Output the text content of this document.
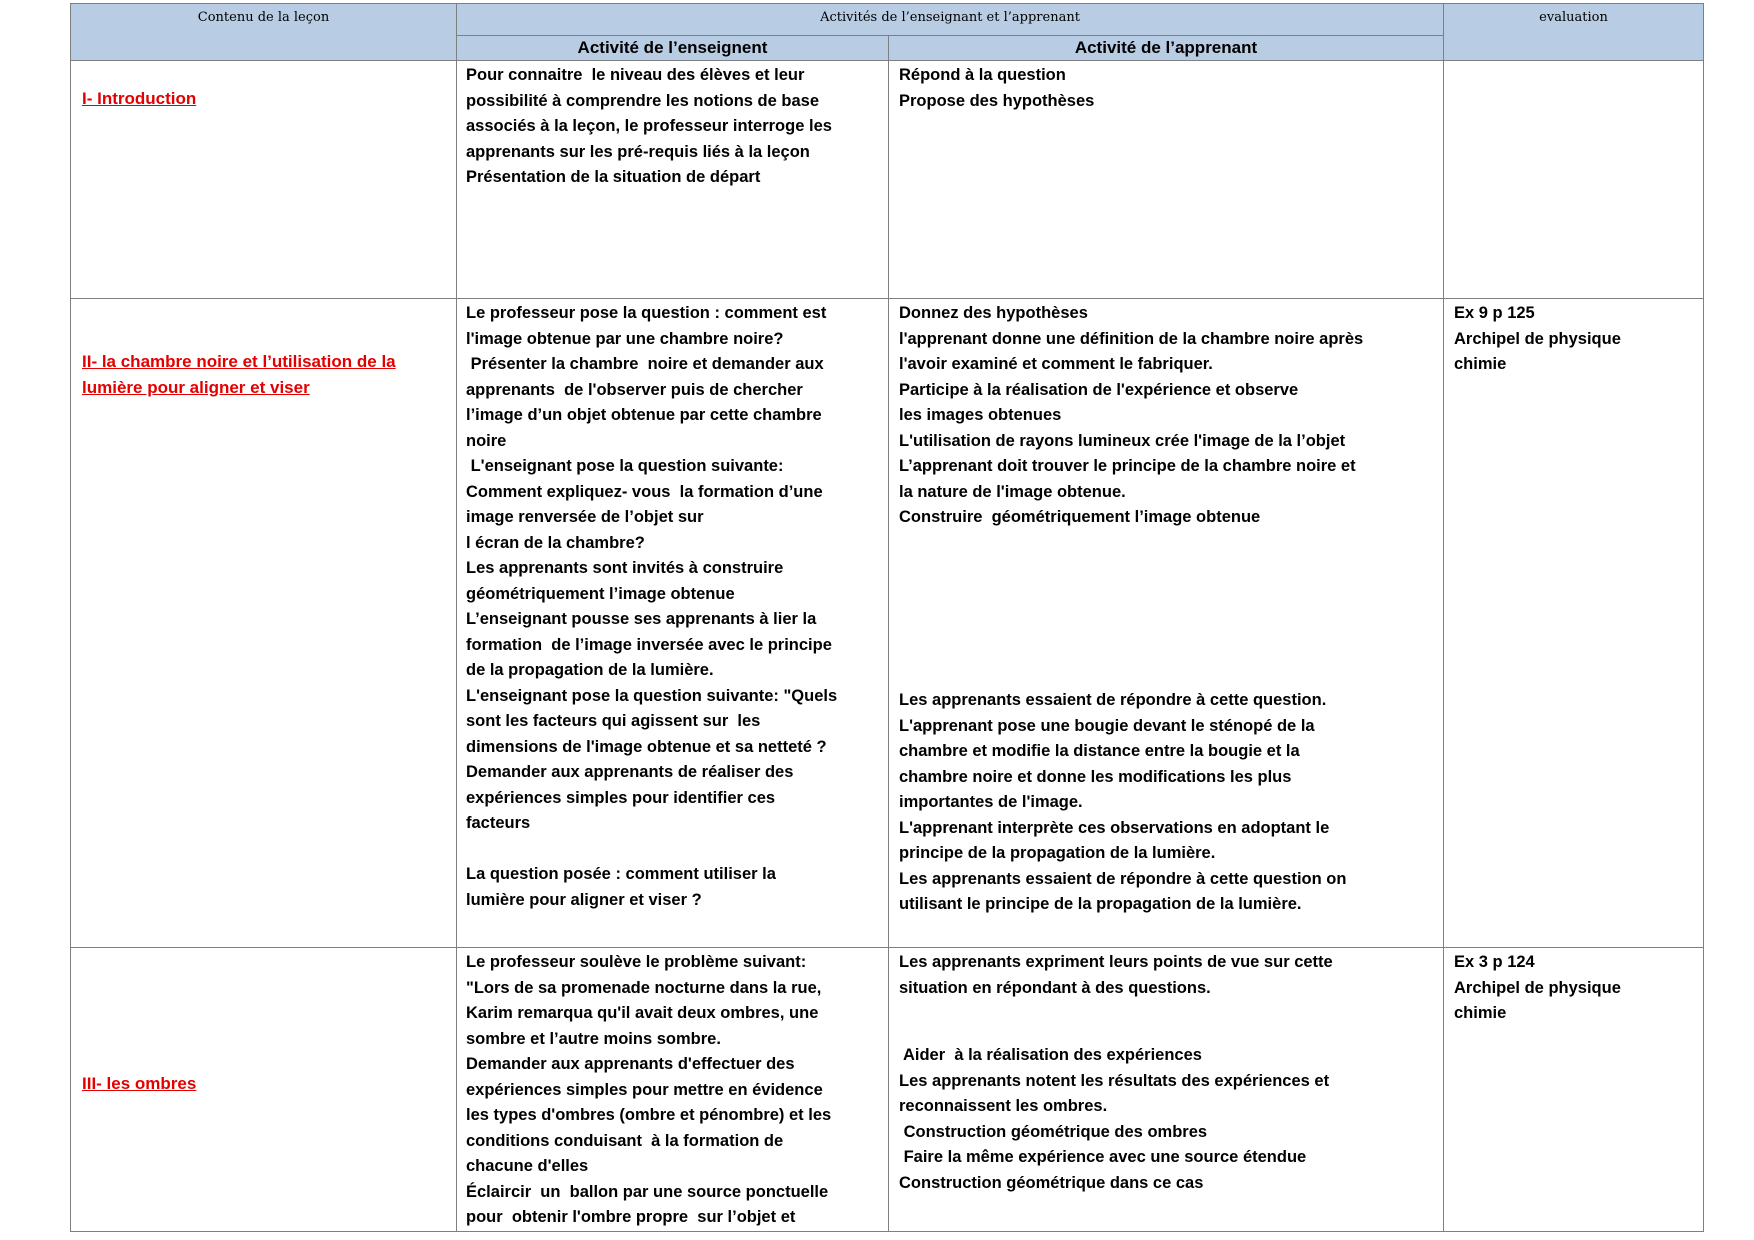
Contenu de la leçon	Activités de l’enseignant et l’apprenant
Activité de l’enseignent	Activité de l’apprenant
evaluation
I- Introduction
Pour connaitre  le niveau des élèves et leur
possibilité à comprendre les notions de base
associés à la leçon, le professeur interroge les
apprenants sur les pré-requis liés à la leçon
Présentation de la situation de départ
Répond à la question
Propose des hypothèses
II- la chambre noire et l’utilisation de la
lumière pour aligner et viser
Le professeur pose la question : comment est
l'image obtenue par une chambre noire?
Présenter la chambre  noire et demander aux
apprenants  de l'observer puis de chercher
l’image d’un objet obtenue par cette chambre
noire
L'enseignant pose la question suivante:
Comment expliquez- vous  la formation d’une
image renversée de l’objet sur
l écran de la chambre?
Les apprenants sont invités à construire
géométriquement l’image obtenue
L’enseignant pousse ses apprenants à lier la
formation  de l’image inversée avec le principe
de la propagation de la lumière.
L'enseignant pose la question suivante: "Quels
sont les facteurs qui agissent sur  les
dimensions de l'image obtenue et sa netteté ?
Demander aux apprenants de réaliser des
expériences simples pour identifier ces
facteurs
La question posée : comment utiliser la
lumière pour aligner et viser ?
Donnez des hypothèses
l'apprenant donne une définition de la chambre noire après
l'avoir examiné et comment le fabriquer.
Participe à la réalisation de l'expérience et observe
les images obtenues
L'utilisation de rayons lumineux crée l'image de la l’objet
L’apprenant doit trouver le principe de la chambre noire et
la nature de l'image obtenue.
Construire  géométriquement l’image obtenue
Les apprenants essaient de répondre à cette question.
L'apprenant pose une bougie devant le sténopé de la
chambre et modifie la distance entre la bougie et la
chambre noire et donne les modifications les plus
importantes de l'image.
L'apprenant interprète ces observations en adoptant le
principe de la propagation de la lumière.
Les apprenants essaient de répondre à cette question on
utilisant le principe de la propagation de la lumière.
Ex 9 p 125
Archipel de physique
chimie
III- les ombres
Le professeur soulève le problème suivant:
"Lors de sa promenade nocturne dans la rue,
Karim remarqua qu'il avait deux ombres, une
sombre et l’autre moins sombre.
Demander aux apprenants d'effectuer des
expériences simples pour mettre en évidence
les types d'ombres (ombre et pénombre) et les
conditions conduisant  à la formation de
chacune d'elles
Éclaircir  un  ballon par une source ponctuelle
pour  obtenir l'ombre propre  sur l’objet et
Les apprenants expriment leurs points de vue sur cette
situation en répondant à des questions.
Aider  à la réalisation des expériences
Les apprenants notent les résultats des expériences et
reconnaissent les ombres.
Construction géométrique des ombres
Faire la même expérience avec une source étendue
Construction géométrique dans ce cas
Ex 3 p 124
Archipel de physique
chimie
